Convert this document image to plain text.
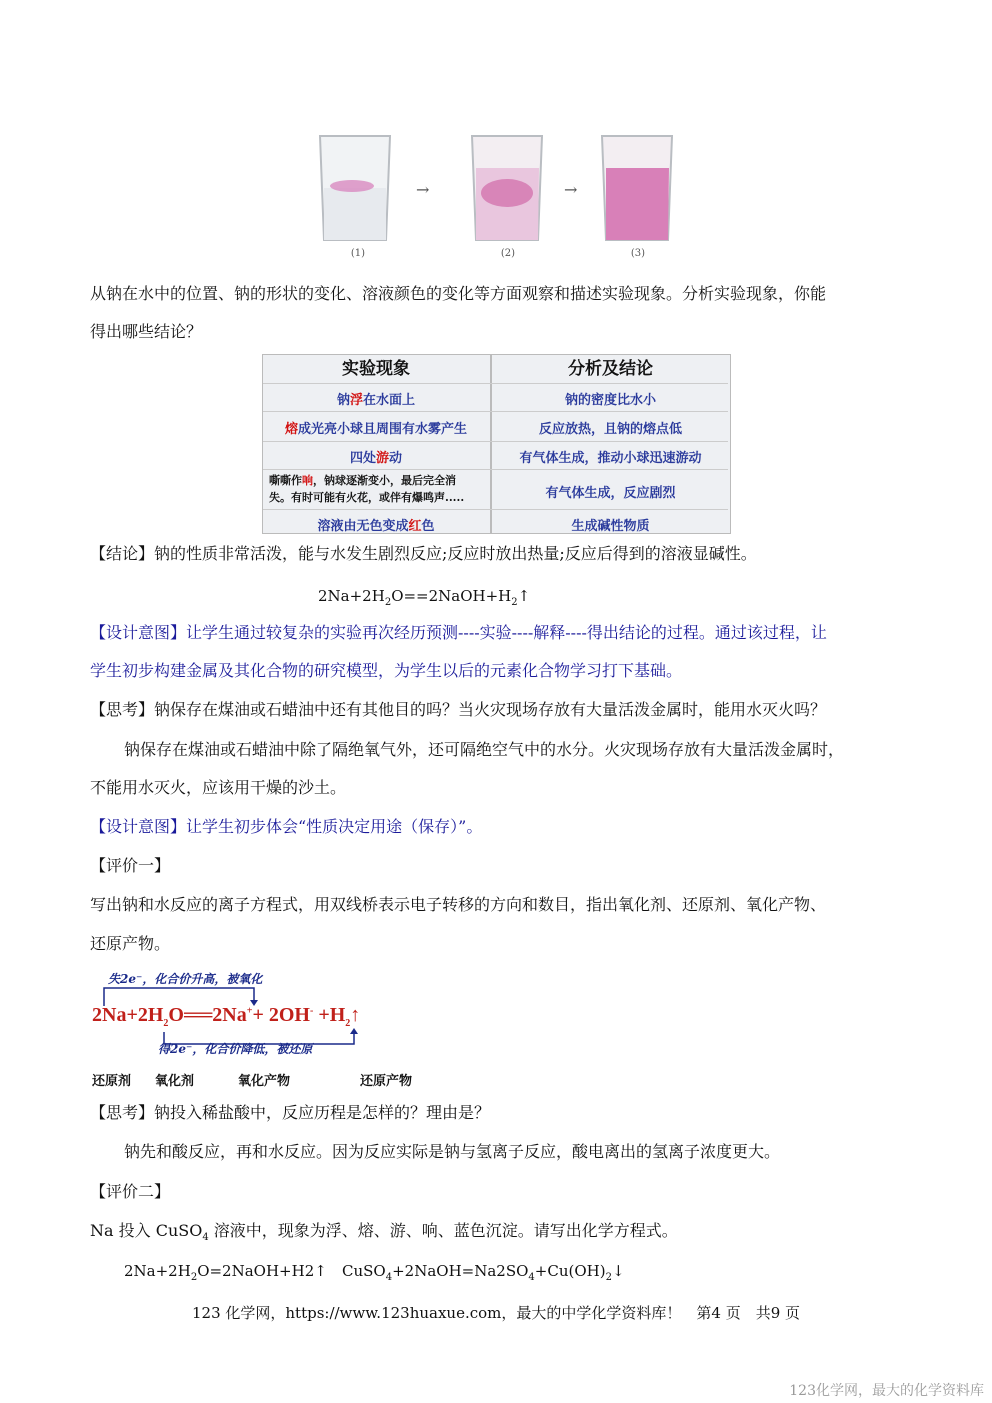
(1)
→
(2)
→
(3)
从钠在水中的位置、钠的形状的变化、溶液颜色的变化等方面观察和描述实验现象。分析实验现象，你能
得出哪些结论？
实验现象	分析及结论
钠浮在水面上	钠的密度比水小
熔成光亮小球且周围有水雾产生	反应放热，且钠的熔点低
四处游动	有气体生成，推动小球迅速游动
嘶嘶作响，钠球逐渐变小，最后完全消
失。有时可能有火花，或伴有爆鸣声.....	有气体生成，反应剧烈
溶液由无色变成红色	生成碱性物质
【结论】钠的性质非常活泼，能与水发生剧烈反应;反应时放出热量;反应后得到的溶液显碱性。
$2Na+2H_2O==2NaOH+H_2↑$
【设计意图】让学生通过较复杂的实验再次经历预测----实验----解释----得出结论的过程。通过该过程，让
学生初步构建金属及其化合物的研究模型，为学生以后的元素化合物学习打下基础。
【思考】钠保存在煤油或石蜡油中还有其他目的吗？当火灾现场存放有大量活泼金属时，能用水灭火吗？
钠保存在煤油或石蜡油中除了隔绝氧气外，还可隔绝空气中的水分。火灾现场存放有大量活泼金属时，
不能用水灭火，应该用干燥的沙土。
【设计意图】让学生初步体会“性质决定用途（保存）”。
【评价一】
写出钠和水反应的离子方程式，用双线桥表示电子转移的方向和数目，指出氧化剂、还原剂、氧化产物、
还原产物。
失2e⁻，化合价升高，被氧化
$2Na+2H_2O══2Na^++ 2OH^-$ $+H_2↑$
得2e⁻，化合价降低，被还原
还原剂 氧化剂	氧化产物	还原产物
【思考】钠投入稀盐酸中，反应历程是怎样的？理由是？
钠先和酸反应，再和水反应。因为反应实际是钠与氢离子反应，酸电离出的氢离子浓度更大。
【评价二】
Na 投入 CuSO$_4$ 溶液中，现象为浮、熔、游、响、蓝色沉淀。请写出化学方程式。
$2Na+2H_2O=2NaOH+H2↑$ $CuSO_4+2NaOH=Na2SO_4+Cu(OH)_2↓$
123 化学网，https://www.123huaxue.com，最大的中学化学资料库！　第4 页　共9 页
123化学网，最大的化学资料库
